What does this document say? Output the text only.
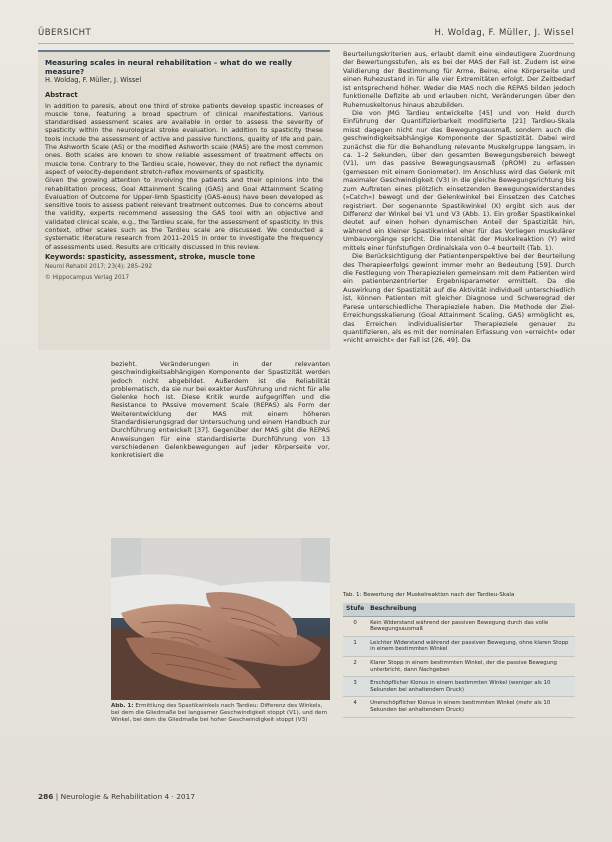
ÜBERSICHT	H. Woldag, F. Müller, J. Wissel
Measuring scales in neural rehabilitation – what do we really measure?
H. Woldag, F. Müller, J. Wissel
Abstract

In addition to paresis, about one third of stroke patients develop spastic increases of muscle tone, featuring a broad spectrum of clinical manifestations. Various standardised assessment scales are available in order to assess the severity of spasticity within the neurological stroke evaluation. In addition to spasticity these tools include the assessment of active and passive functions, quality of life and pain. The Ashworth Scale (AS) or the modified Ashworth scale (MAS) are the most common ones. Both scales are known to show reliable assessment of treatment effects on muscle tone. Contrary to the Tardieu scale, however, they do not reflect the dynamic aspect of velocity-dependent stretch-reflex movements of spasticity.

Given the growing attention to involving the patients and their opinions into the rehabilitation process, Goal Attainment Scaling (GAS) and Goal Attainment Scaling Evaluation of Outcome for Upper-limb Spasticity (GAS-eous) have been developed as sensitive tools to assess patient relevant treatment outcomes. Due to concerns about the validity, experts recommend assessing the GAS tool with an objective and validated clinical scale, e.g., the Tardieu scale, for the assessment of spasticity. In this context, other scales such as the Tardieu scale are discussed. We conducted a systematic literature research from 2011–2015 in order to investigate the frequency of assessments used. Results are critically discussed in this review.

Keywords: spasticity, assessment, stroke, muscle tone
Neurol Rehabil 2017; 23(4): 285–292
© Hippocampus Verlag 2017

Beurteilungskriterien aus, erlaubt damit eine eindeutigere Zuordnung der Bewertungsstufen, als es bei der MAS der Fall ist. Zudem ist eine Validierung der Bestimmung für Arme, Beine, eine Körperseite und einen Ruhezustand in für alle vier Extremitäten erfolgt. Der Zeitbedarf ist entsprechend höher. Weder die MAS noch die REPAS bilden jedoch funktionelle Defizite ab und erlauben nicht, Veränderungen über den Ruhemuskeltonus hinaus abzubilden.

Die von JMG Tardieu entwickelte [45] und von Held durch Einführung der Quantifizierbarkeit modifizierte [21] Tardieu-Skala misst dagegen nicht nur das Bewegungsausmaß, sondern auch die geschwindigkeitsabhängige Komponente der Spastizität. Dabei wird zunächst die für die Behandlung relevante Muskelgruppe langsam, in ca. 1–2 Sekunden, über den gesamten Bewegungsbereich bewegt (V1), um das passive Bewegungsausmaß (pROM) zu erfassen (gemessen mit einem Goniometer). Im Anschluss wird das Gelenk mit maximaler Geschwindigkeit (V3) in die gleiche Bewegungsrichtung bis zum Auftreten eines plötzlich einsetzenden Bewegungswiderstandes (»Catch«) bewegt und der Gelenkwinkel bei Einsetzen des Catches registriert. Der sogenannte Spastikwinkel (X) ergibt sich aus der Differenz der Winkel bei V1 und V3 (Abb. 1). Ein großer Spastikwinkel deutet auf einen hohen dynamischen Anteil der Spastizität hin, während ein kleiner Spastikwinkel eher für das Vorliegen muskulärer Umbauvorgänge spricht. Die Intensität der Muskelreaktion (Y) wird mittels einer fünfstufigen Ordinalskala von 0–4 beurteilt (Tab. 1).

Die Berücksichtigung der Patientenperspektive bei der Beurteilung des Therapieerfolgs gewinnt immer mehr an Bedeutung [59]. Durch die Festlegung von Therapiezielen gemeinsam mit dem Patienten wird ein patientenzentrierter Ergebnisparameter ermittelt. Da die Auswirkung der Spastizität auf die Aktivität individuell unterschiedlich ist, können Patienten mit gleicher Diagnose und Schweregrad der Parese unterschiedliche Therapieziele haben. Die Methode der Ziel-Erreichungsskalierung (Goal Attainment Scaling, GAS) ermöglicht es, das Erreichen individualisierter Therapieziele genauer zu quantifizieren, als es mit der nominalen Erfassung von »erreicht« oder »nicht erreicht« der Fall ist [26, 49]. Da

bezieht. Veränderungen in der relevanten geschwindigkeitsabhängigen Komponente der Spastizität werden jedoch nicht abgebildet. Außerdem ist die Reliabilität problematisch, da sie nur bei exakter Ausführung und nicht für alle Gelenke hoch ist. Diese Kritik wurde aufgegriffen und die Resistance to PAssive movement Scale (REPAS) als Form der Weiterentwicklung der MAS mit einem höheren Standardisierungsgrad der Untersuchung und einem Handbuch zur Durchführung entwickelt [37]. Gegenüber der MAS gibt die REPAS Anweisungen für eine standardisierte Durchführung von 13 verschiedenen Gelenkbewegungen auf jeder Körperseite vor, konkretisiert die

Abb. 1: Ermittlung des Spastikwinkels nach Tardieu: Differenz des Winkels, bei dem die Gliedmaße bei langsamer Geschwindigkeit stoppt (V1), und dem Winkel, bei dem die Gliedmaße bei hoher Geschwindigkeit stoppt (V3)
Tab. 1: Bewertung der Muskelreaktion nach der Tardieu-Skala
Stufe	Beschreibung
0	Kein Widerstand während der passiven Bewegung durch das volle Bewegungsausmaß
1	Leichter Widerstand während der passiven Bewegung, ohne klaren Stopp in einem bestimmten Winkel
2	Klarer Stopp in einem bestimmten Winkel, der die passive Bewegung unterbricht, dann Nachgeben
3	Erschöpflicher Klonus in einem bestimmten Winkel (weniger als 10 Sekunden bei anhaltendem Druck)
4	Unerschöpflicher Klonus in einem bestimmten Winkel (mehr als 10 Sekunden bei anhaltendem Druck)
286 | Neurologie & Rehabilitation 4 · 2017
